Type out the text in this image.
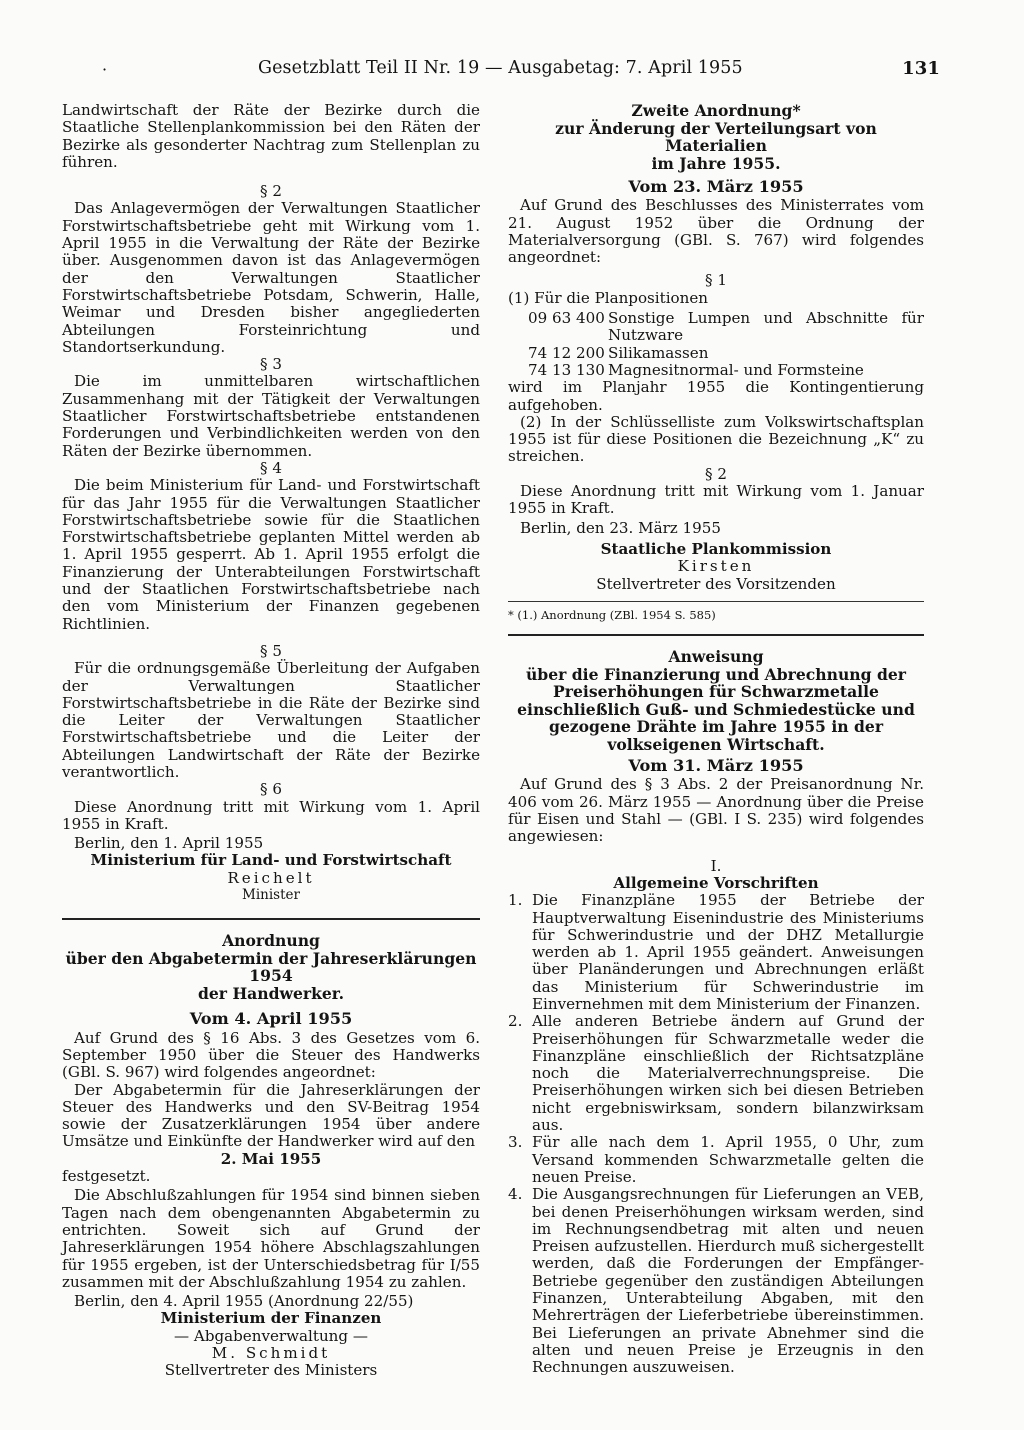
·	Gesetzblatt Teil II Nr. 19 — Ausgabetag: 7. April 1955	131

Landwirtschaft der Räte der Bezirke durch die Staatliche Stellenplankommission bei den Räten der Bezirke als gesonderter Nachtrag zum Stellenplan zu führen.

§ 2

Das Anlagevermögen der Verwaltungen Staatlicher Forstwirtschaftsbetriebe geht mit Wirkung vom 1. April 1955 in die Verwaltung der Räte der Bezirke über. Ausgenommen davon ist das Anlagevermögen der den Verwaltungen Staatlicher Forstwirtschaftsbetriebe Potsdam, Schwerin, Halle, Weimar und Dresden bisher angegliederten Abteilungen Forsteinrichtung und Standortserkundung.

§ 3

Die im unmittelbaren wirtschaftlichen Zusammenhang mit der Tätigkeit der Verwaltungen Staatlicher Forstwirtschaftsbetriebe entstandenen Forderungen und Verbindlichkeiten werden von den Räten der Bezirke übernommen.

§ 4

Die beim Ministerium für Land- und Forstwirtschaft für das Jahr 1955 für die Verwaltungen Staatlicher Forstwirtschaftsbetriebe sowie für die Staatlichen Forstwirtschaftsbetriebe geplanten Mittel werden ab 1. April 1955 gesperrt. Ab 1. April 1955 erfolgt die Finanzierung der Unterabteilungen Forstwirtschaft und der Staatlichen Forstwirtschaftsbetriebe nach den vom Ministerium der Finanzen gegebenen Richtlinien.

§ 5

Für die ordnungsgemäße Überleitung der Aufgaben der Verwaltungen Staatlicher Forstwirtschaftsbetriebe in die Räte der Bezirke sind die Leiter der Verwaltungen Staatlicher Forstwirtschaftsbetriebe und die Leiter der Abteilungen Landwirtschaft der Räte der Bezirke verantwortlich.

§ 6

Diese Anordnung tritt mit Wirkung vom 1. April 1955 in Kraft.

Berlin, den 1. April 1955

Ministerium für Land- und Forstwirtschaft

Reichelt

Minister

Anordnung

über den Abgabetermin der Jahreserklärungen 1954

der Handwerker.

Vom 4. April 1955

Auf Grund des § 16 Abs. 3 des Gesetzes vom 6. September 1950 über die Steuer des Handwerks (GBl. S. 967) wird folgendes angeordnet:

Der Abgabetermin für die Jahreserklärungen der Steuer des Handwerks und den SV-Beitrag 1954 sowie der Zusatzerklärungen 1954 über andere Umsätze und Einkünfte der Handwerker wird auf den

2. Mai 1955

festgesetzt.

Die Abschlußzahlungen für 1954 sind binnen sieben Tagen nach dem obengenannten Abgabetermin zu entrichten. Soweit sich auf Grund der Jahreserklärungen 1954 höhere Abschlagszahlungen für 1955 ergeben, ist der Unterschiedsbetrag für I/55 zusammen mit der Abschlußzahlung 1954 zu zahlen.

Berlin, den 4. April 1955 (Anordnung 22/55)

Ministerium der Finanzen

— Abgabenverwaltung —

M. Schmidt

Stellvertreter des Ministers

Zweite Anordnung*

zur Änderung der Verteilungsart von Materialien

im Jahre 1955.

Vom 23. März 1955

Auf Grund des Beschlusses des Ministerrates vom 21. August 1952 über die Ordnung der Materialversorgung (GBl. S. 767) wird folgendes angeordnet:

§ 1

(1) Für die Planpositionen

09 63 400 Sonstige Lumpen und Abschnitte für Nutzware
74 12 200 Silikamassen
74 13 130 Magnesitnormal- und Formsteine

wird im Planjahr 1955 die Kontingentierung aufgehoben.

(2) In der Schlüsselliste zum Volkswirtschaftsplan 1955 ist für diese Positionen die Bezeichnung „K“ zu streichen.

§ 2

Diese Anordnung tritt mit Wirkung vom 1. Januar 1955 in Kraft.

Berlin, den 23. März 1955

Staatliche Plankommission

Kirsten

Stellvertreter des Vorsitzenden

* (1.) Anordnung (ZBl. 1954 S. 585)

Anweisung

über die Finanzierung und Abrechnung der Preiserhöhungen für Schwarzmetalle einschließlich Guß- und Schmiedestücke und gezogene Drähte im Jahre 1955 in der volkseigenen Wirtschaft.

Vom 31. März 1955

Auf Grund des § 3 Abs. 2 der Preisanordnung Nr. 406 vom 26. März 1955 — Anordnung über die Preise für Eisen und Stahl — (GBl. I S. 235) wird folgendes angewiesen:

I.

Allgemeine Vorschriften

1. Die Finanzpläne 1955 der Betriebe der Hauptverwaltung Eisenindustrie des Ministeriums für Schwerindustrie und der DHZ Metallurgie werden ab 1. April 1955 geändert. Anweisungen über Planänderungen und Abrechnungen erläßt das Ministerium für Schwerindustrie im Einvernehmen mit dem Ministerium der Finanzen.
2. Alle anderen Betriebe ändern auf Grund der Preiserhöhungen für Schwarzmetalle weder die Finanzpläne einschließlich der Richtsatzpläne noch die Materialverrechnungspreise. Die Preiserhöhungen wirken sich bei diesen Betrieben nicht ergebniswirksam, sondern bilanzwirksam aus.
3. Für alle nach dem 1. April 1955, 0 Uhr, zum Versand kommenden Schwarzmetalle gelten die neuen Preise.
4. Die Ausgangsrechnungen für Lieferungen an VEB, bei denen Preiserhöhungen wirksam werden, sind im Rechnungsendbetrag mit alten und neuen Preisen aufzustellen. Hierdurch muß sichergestellt werden, daß die Forderungen der Empfänger-Betriebe gegenüber den zuständigen Abteilungen Finanzen, Unterabteilung Abgaben, mit den Mehrerträgen der Lieferbetriebe übereinstimmen. Bei Lieferungen an private Abnehmer sind die alten und neuen Preise je Erzeugnis in den Rechnungen auszuweisen.
